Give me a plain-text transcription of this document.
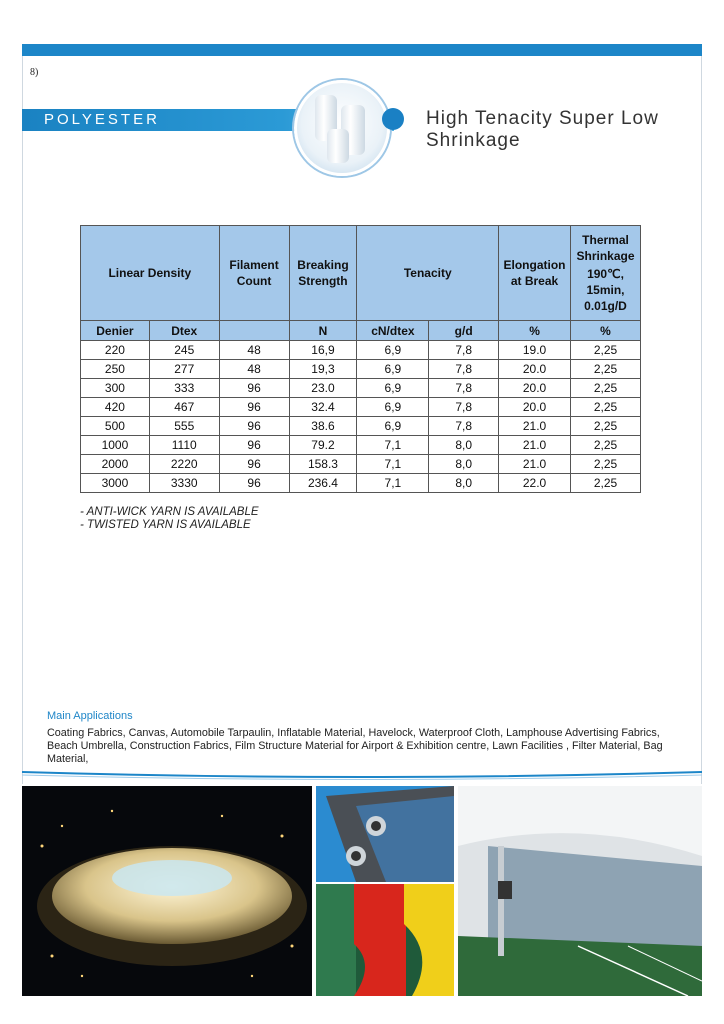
8)
POLYESTER	High Tenacity Super Low Shrinkage
Linear Density		Filament Count	Breaking Strength	Tenacity		Elongation at Break	Thermal Shrinkage
190℃,
15min,
0.01g/D

Denier	Dtex		N	cN/dtex	g/d	%	%
220	245	48	16,9	6,9	7,8	19.0	2,25
250	277	48	19,3	6,9	7,8	20.0	2,25
300	333	96	23.0	6,9	7,8	20.0	2,25
420	467	96	32.4	6,9	7,8	20.0	2,25
500	555	96	38.6	6,9	7,8	21.0	2,25
1000	1110	96	79.2	7,1	8,0	21.0	2,25
2000	2220	96	158.3	7,1	8,0	21.0	2,25
3000	3330	96	236.4	7,1	8,0	22.0	2,25
- ANTI-WICK YARN IS AVAILABLE
- TWISTED YARN IS AVAILABLE
Main Applications
Coating Fabrics, Canvas, Automobile Tarpaulin, Inflatable Material, Havelock, Waterproof Cloth, Lamphouse Advertising Fabrics, Beach Umbrella, Construction Fabrics, Film Structure Material for Airport & Exhibition centre, Lawn Facilities , Filter Material, Bag Material,
